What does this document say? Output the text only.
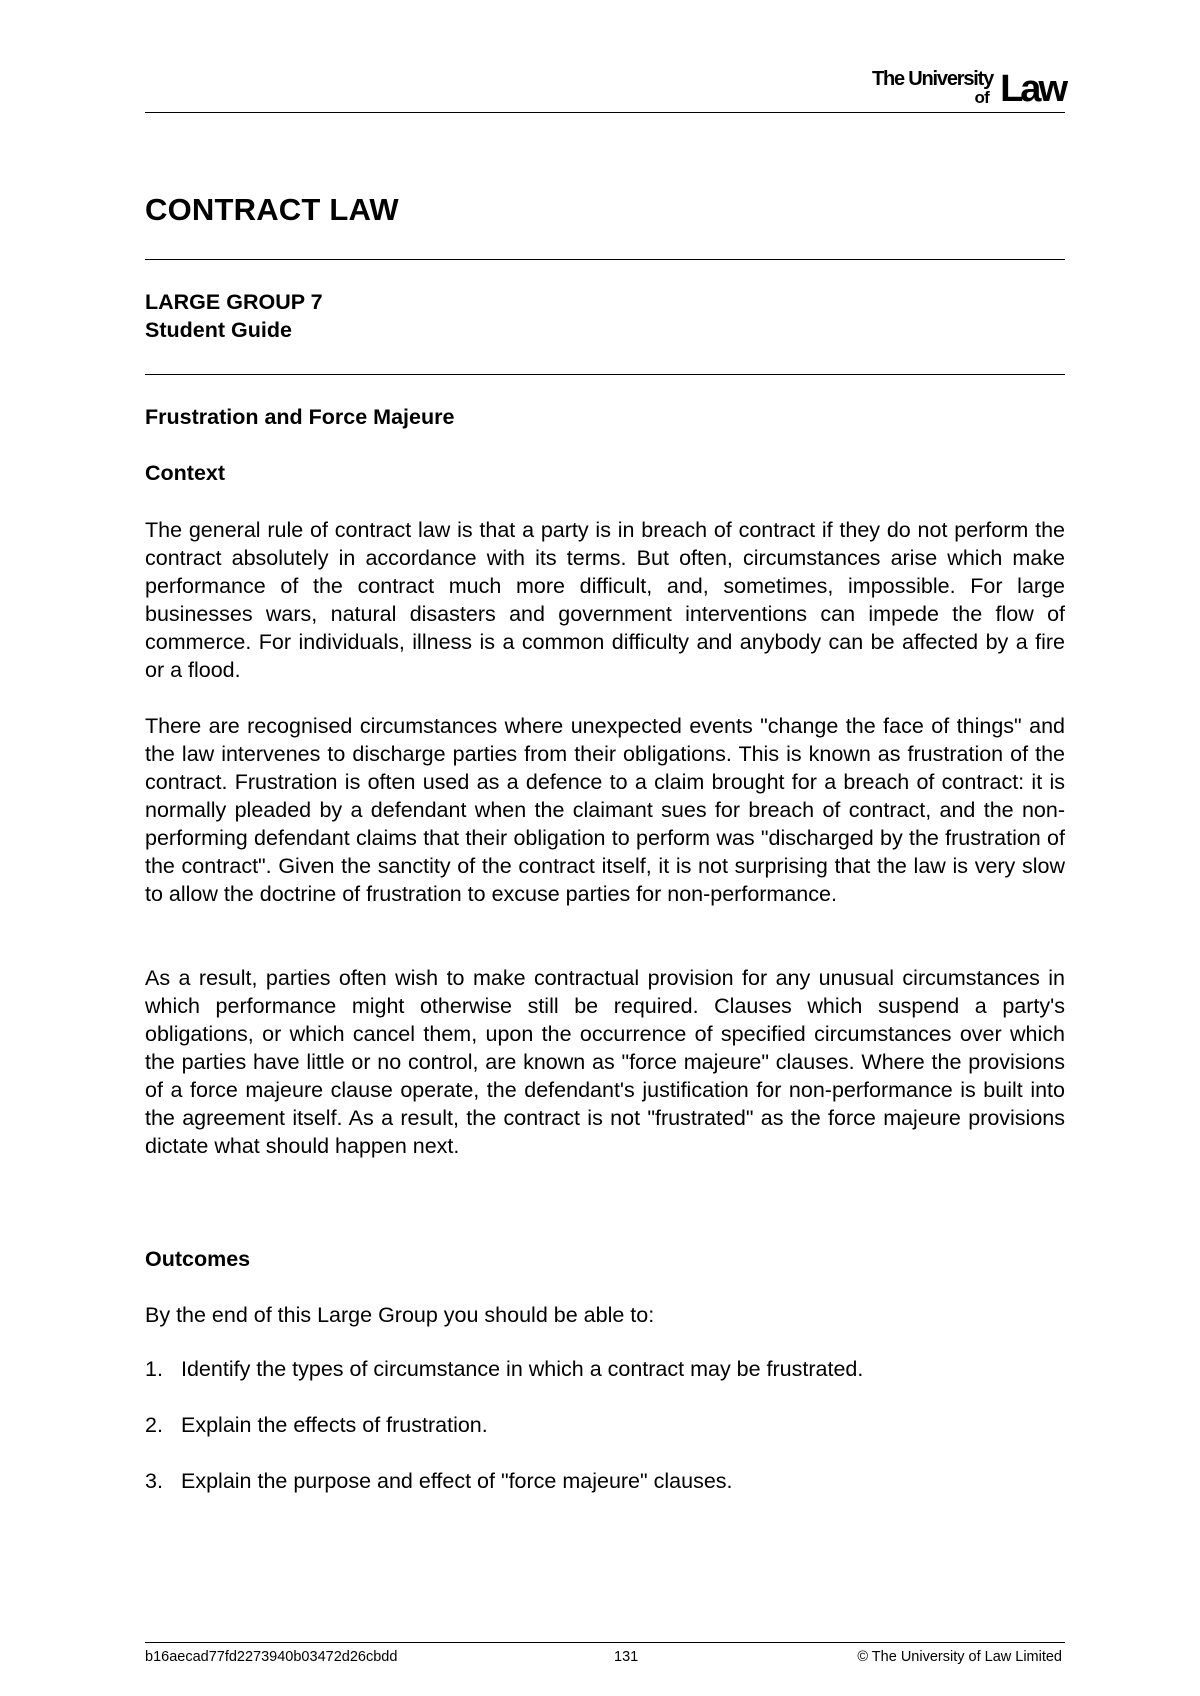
The University
of Law
CONTRACT LAW

LARGE GROUP 7

Student Guide

Frustration and Force Majeure

Context

The general rule of contract law is that a party is in breach of contract if they do not perform the contract absolutely in accordance with its terms. But often, circumstances arise which make performance of the contract much more difficult, and, sometimes, impossible. For large businesses wars, natural disasters and government interventions can impede the flow of commerce. For individuals, illness is a common difficulty and anybody can be affected by a fire or a flood.

There are recognised circumstances where unexpected events "change the face of things" and the law intervenes to discharge parties from their obligations. This is known as frustration of the contract. Frustration is often used as a defence to a claim brought for a breach of contract: it is normally pleaded by a defendant when the claimant sues for breach of contract, and the non-performing defendant claims that their obligation to perform was "discharged by the frustration of the contract". Given the sanctity of the contract itself, it is not surprising that the law is very slow to allow the doctrine of frustration to excuse parties for non-performance.

As a result, parties often wish to make contractual provision for any unusual circumstances in which performance might otherwise still be required. Clauses which suspend a party's obligations, or which cancel them, upon the occurrence of specified circumstances over which the parties have little or no control, are known as "force majeure" clauses. Where the provisions of a force majeure clause operate, the defendant's justification for non-performance is built into the agreement itself. As a result, the contract is not "frustrated" as the force majeure provisions dictate what should happen next.

Outcomes

By the end of this Large Group you should be able to:

1. Identify the types of circumstance in which a contract may be frustrated.

2. Explain the effects of frustration.

3. Explain the purpose and effect of "force majeure" clauses.

b16aecad77fd2273940b03472d26cbdd	131	© The University of Law Limited
